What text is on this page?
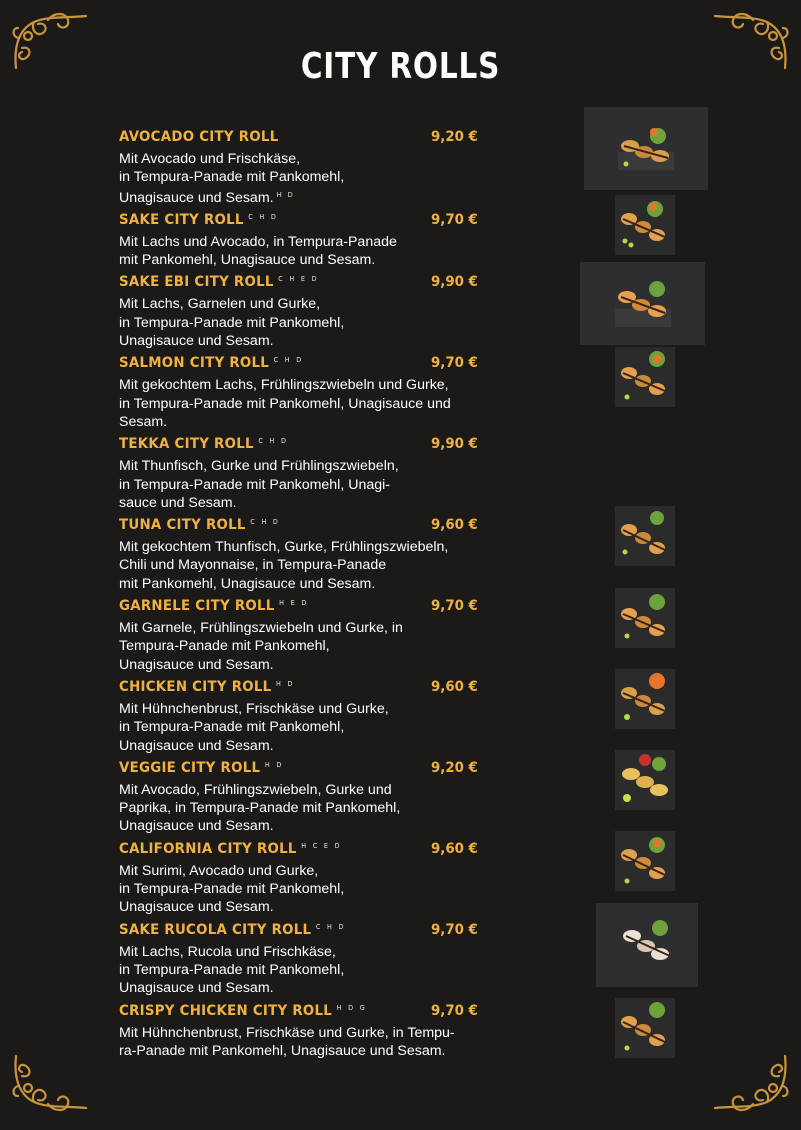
CITY ROLLS
AVOCADO CITY ROLL	9,20 €
Mit Avocado und Frischkäse,
in Tempura-Panade mit Pankomehl,
Unagisauce und Sesam. $^{H D}$
SAKE CITY ROLL $^{C H D}$	9,70 €
Mit Lachs und Avocado, in Tempura-Panade
mit Pankomehl, Unagisauce und Sesam.
SAKE EBI CITY ROLL $^{C H E D}$	9,90 €
Mit Lachs, Garnelen und Gurke,
in Tempura-Panade mit Pankomehl,
Unagisauce und Sesam.
SALMON CITY ROLL $^{C H D}$	9,70 €
Mit gekochtem Lachs, Frühlingszwiebeln und Gurke,
in Tempura-Panade mit Pankomehl, Unagisauce und
Sesam.
TEKKA CITY ROLL $^{C H D}$	9,90 €
Mit Thunfisch, Gurke und Frühlingszwiebeln,
in Tempura-Panade mit Pankomehl, Unagi-
sauce und Sesam.
TUNA CITY ROLL $^{C H D}$	9,60 €
Mit gekochtem Thunfisch, Gurke, Frühlingszwiebeln,
Chili und Mayonnaise, in Tempura-Panade
mit Pankomehl, Unagisauce und Sesam.
GARNELE CITY ROLL $^{H E D}$	9,70 €
Mit Garnele, Frühlingszwiebeln und Gurke, in
Tempura-Panade mit Pankomehl,
Unagisauce und Sesam.
CHICKEN CITY ROLL $^{H D}$	9,60 €
Mit Hühnchenbrust, Frischkäse und Gurke,
in Tempura-Panade mit Pankomehl,
Unagisauce und Sesam.
VEGGIE CITY ROLL $^{H D}$	9,20 €
Mit Avocado, Frühlingszwiebeln, Gurke und
Paprika, in Tempura-Panade mit Pankomehl,
Unagisauce und Sesam.
CALIFORNIA CITY ROLL $^{H C E D}$	9,60 €
Mit Surimi, Avocado und Gurke,
in Tempura-Panade mit Pankomehl,
Unagisauce und Sesam.
SAKE RUCOLA CITY ROLL $^{C H D}$	9,70 €
Mit Lachs, Rucola und Frischkäse,
in Tempura-Panade mit Pankomehl,
Unagisauce und Sesam.
CRISPY CHICKEN CITY ROLL $^{H D G}$	9,70 €
Mit Hühnchenbrust, Frischkäse und Gurke, in Tempu-
ra-Panade mit Pankomehl, Unagisauce und Sesam.
